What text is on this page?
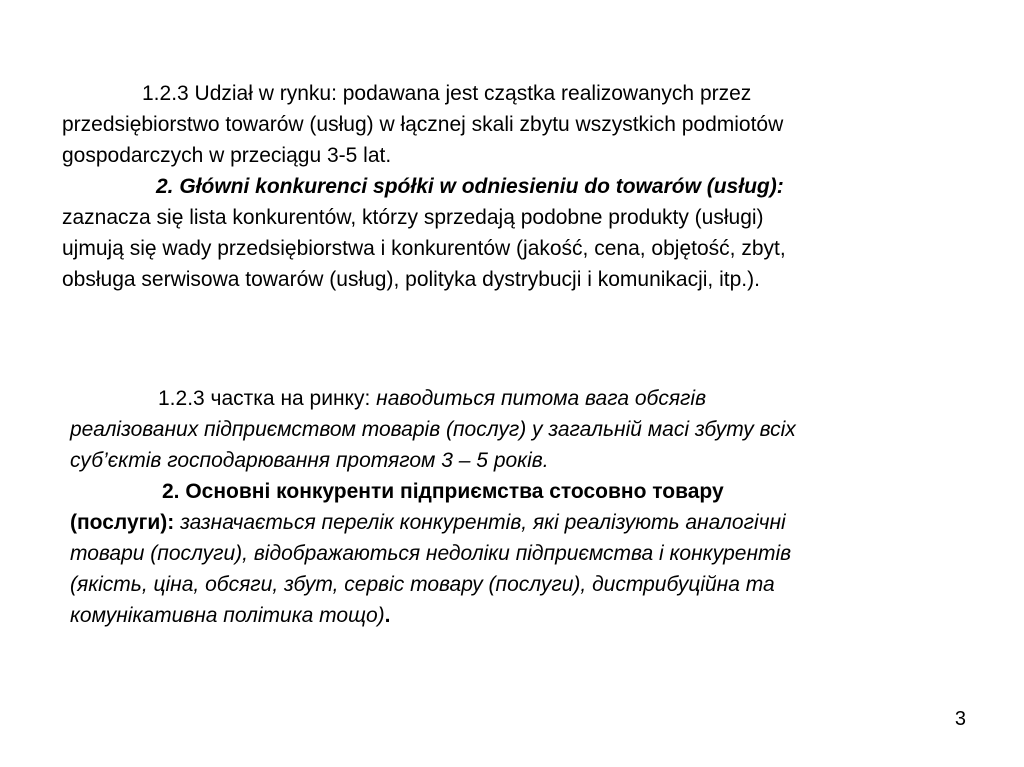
1.2.3 Udział w rynku: podawana jest cząstka realizowanych przez
przedsiębiorstwo towarów (usług) w łącznej skali zbytu wszystkich podmiotów
gospodarczych w przeciągu 3-5 lat.
2. Główni konkurenci spółki w odniesieniu do towarów (usług):
zaznacza się lista konkurentów, którzy sprzedają podobne produkty (usługi)
ujmują się wady przedsiębiorstwa i konkurentów (jakość, cena, objętość, zbyt,
obsługa serwisowa towarów (usług), polityka dystrybucji i komunikacji, itp.).
1.2.3 частка на ринку: наводиться питома вага обсягів
реалізованих підприємством товарів (послуг) у загальній масі збуту всіх
суб’єктів господарювання протягом 3 – 5 років.
2. Основні конкуренти підприємства стосовно товару
(послуги): зазначається перелік конкурентів, які реалізують аналогічні
товари (послуги), відображаються недоліки підприємства і конкурентів
(якість, ціна, обсяги, збут, сервіс товару (послуги), дистрибуційна та
комунікативна політика тощо).
3
